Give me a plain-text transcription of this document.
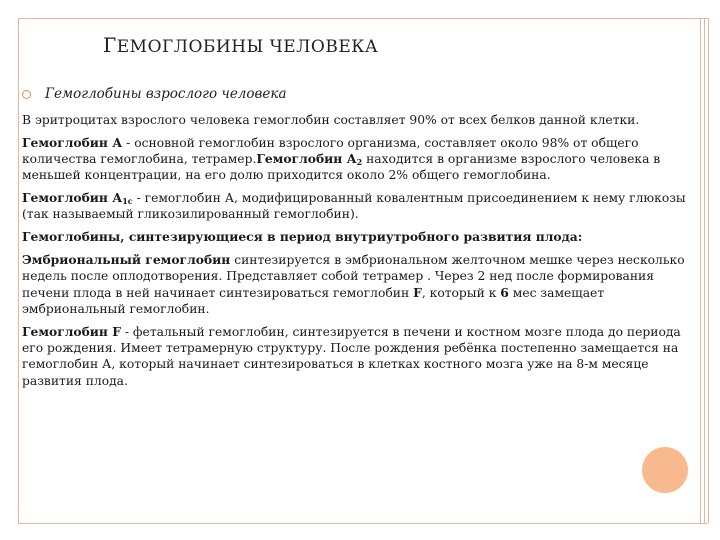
ГЕМОГЛОБИНЫ ЧЕЛОВЕКА
Гемоглобины взрослого человека

В эритроцитах взрослого человека гемоглобин составляет 90% от всех белков данной клетки.

Гемоглобин А - основной гемоглобин взрослого организма, составляет около 98% от общего количества гемоглобина, тетрамер.Гемоглобин $А_2$ находится в организме взрослого человека в меньшей концентрации, на его долю приходится около 2% общего гемоглобина.

Гемоглобин $А_{1с}$ - гемоглобин А, модифицированный ковалентным присоединением к нему глюкозы (так называемый гликозилированный гемоглобин).

Гемоглобины, синтезирующиеся в период внутриутробного развития плода:

Эмбриональный гемоглобин синтезируется в эмбриональном желточном мешке через несколько недель после оплодотворения. Представляет собой тетрамер . Через 2 нед после формирования печени плода в ней начинает синтезироваться гемоглобин F, который к 6 мес замещает эмбриональный гемоглобин.

Гемоглобин F - фетальный гемоглобин, синтезируется в печени и костном мозге плода до периода его рождения. Имеет тетрамерную структуру. После рождения ребёнка постепенно замещается на гемоглобин А, который начинает синтезироваться в клетках костного мозга уже на 8-м месяце развития плода.
